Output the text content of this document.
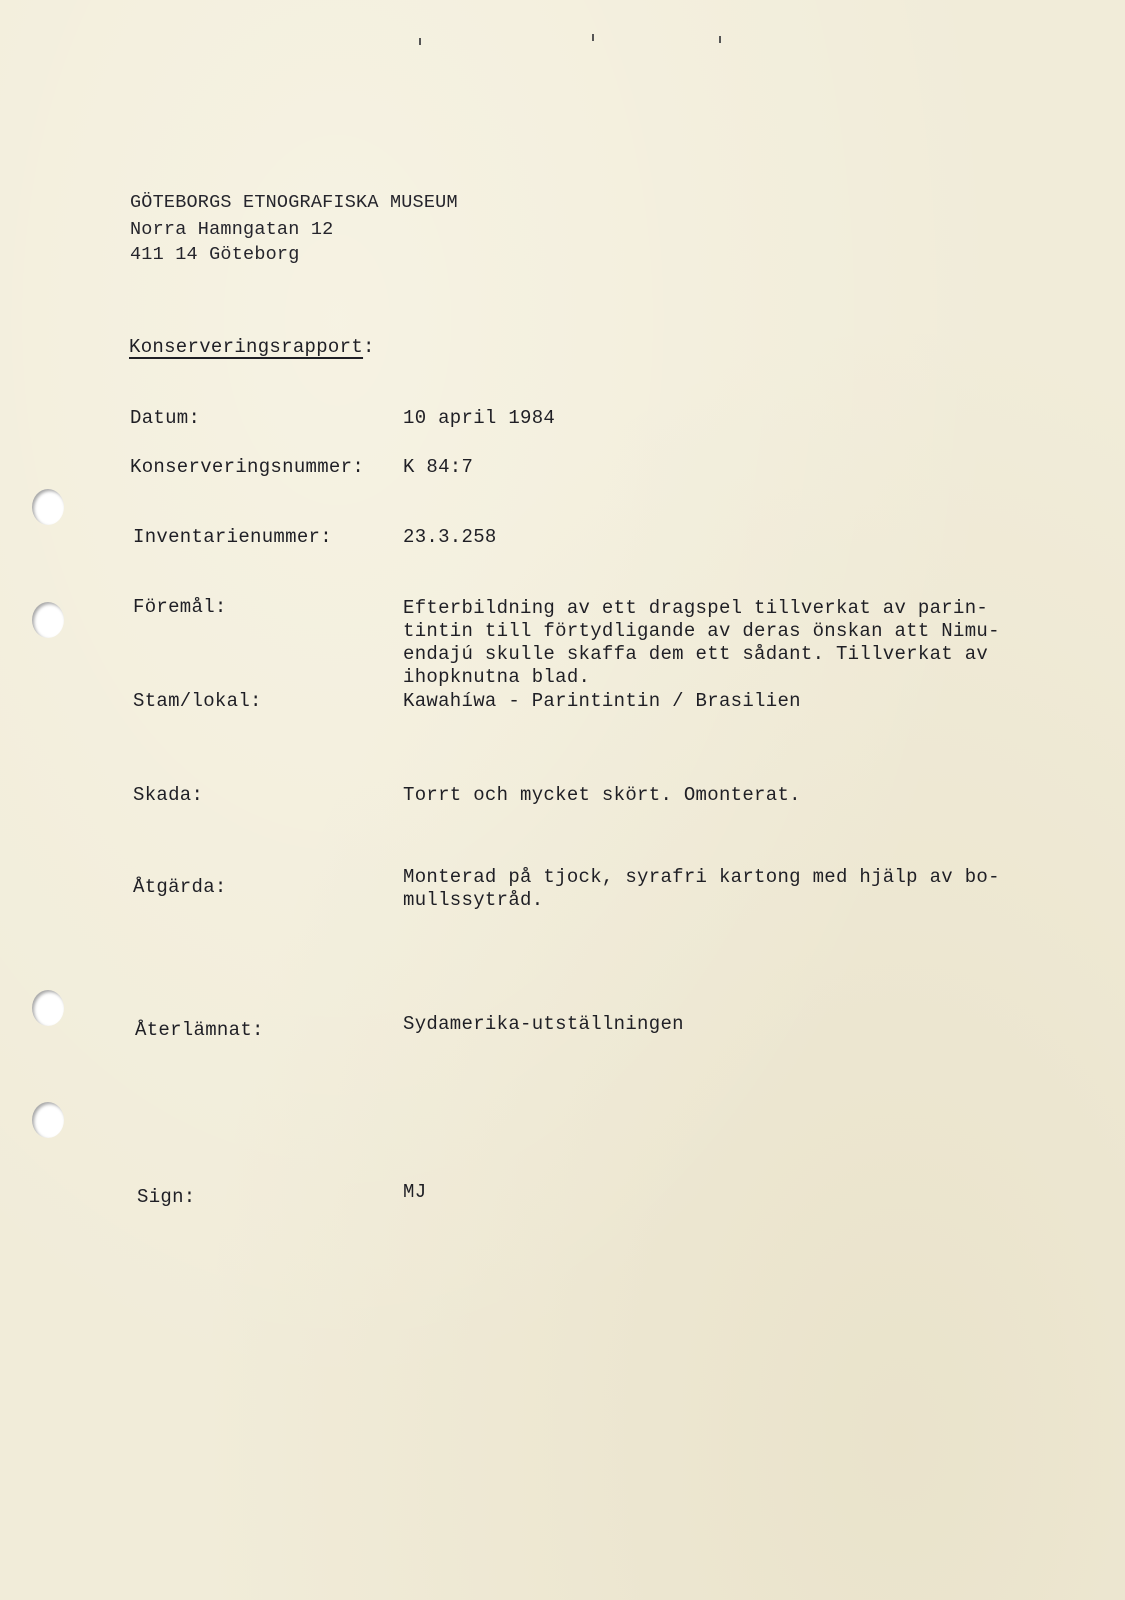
GÖTEBORGS ETNOGRAFISKA MUSEUM
Norra Hamngatan 12
411 14 Göteborg
Konserveringsrapport:
Datum:	10 april 1984
Konserveringsnummer: K 84:7
Inventarienummer:	23.3.258
Föremål:	Efterbildning av ett dragspel tillverkat av parin-
tintin till förtydligande av deras önskan att Nimu-
endajú skulle skaffa dem ett sådant. Tillverkat av
ihopknutna blad.
Stam/lokal:	Kawahíwa - Parintintin / Brasilien
Skada:	Torrt och mycket skört. Omonterat.
Åtgärda:	Monterad på tjock, syrafri kartong med hjälp av bo-
mullssytråd.
Återlämnat:	Sydamerika-utställningen
Sign:	MJ
